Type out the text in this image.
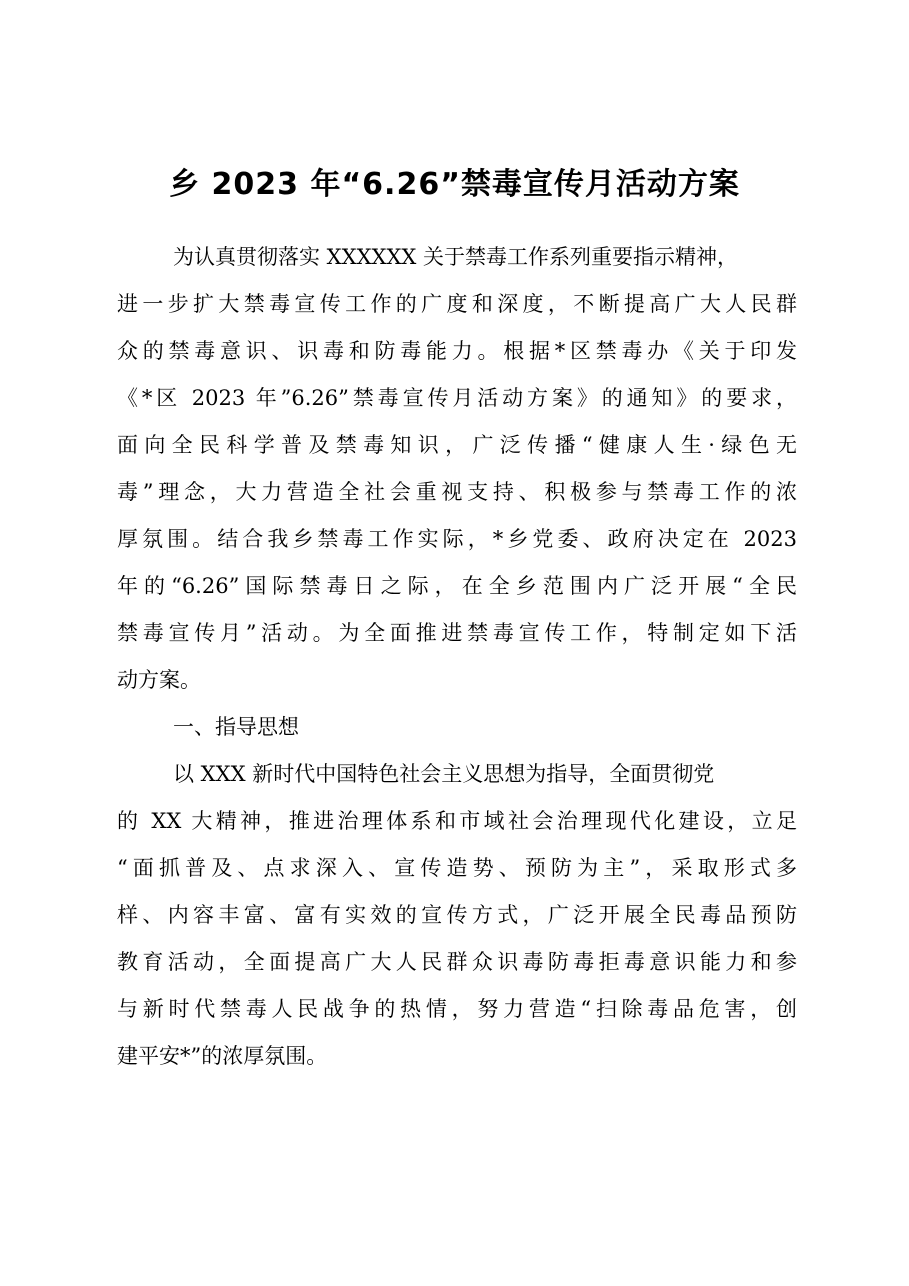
乡 2023 年“6.26”禁毒宣传月活动方案
为认真贯彻落实 XXXXXX 关于禁毒工作系列重要指示精神，
进一步扩大禁毒宣传工作的广度和深度，不断提高广大人民群
众的禁毒意识、识毒和防毒能力。根据*区禁毒办《关于印发
《*区 2023 年”6.26”禁毒宣传月活动方案》的通知》的要求，
面向全民科学普及禁毒知识，广泛传播“健康人生·绿色无
毒”理念，大力营造全社会重视支持、积极参与禁毒工作的浓
厚氛围。结合我乡禁毒工作实际，*乡党委、政府决定在 2023
年的“6.26”国际禁毒日之际，在全乡范围内广泛开展“全民
禁毒宣传月”活动。为全面推进禁毒宣传工作，特制定如下活
动方案。
一、指导思想
以 XXX 新时代中国特色社会主义思想为指导，全面贯彻党
的 XX 大精神，推进治理体系和市域社会治理现代化建设，立足
“面抓普及、点求深入、宣传造势、预防为主”，采取形式多
样、内容丰富、富有实效的宣传方式，广泛开展全民毒品预防
教育活动，全面提高广大人民群众识毒防毒拒毒意识能力和参
与新时代禁毒人民战争的热情，努力营造“扫除毒品危害，创
建平安*”的浓厚氛围。
